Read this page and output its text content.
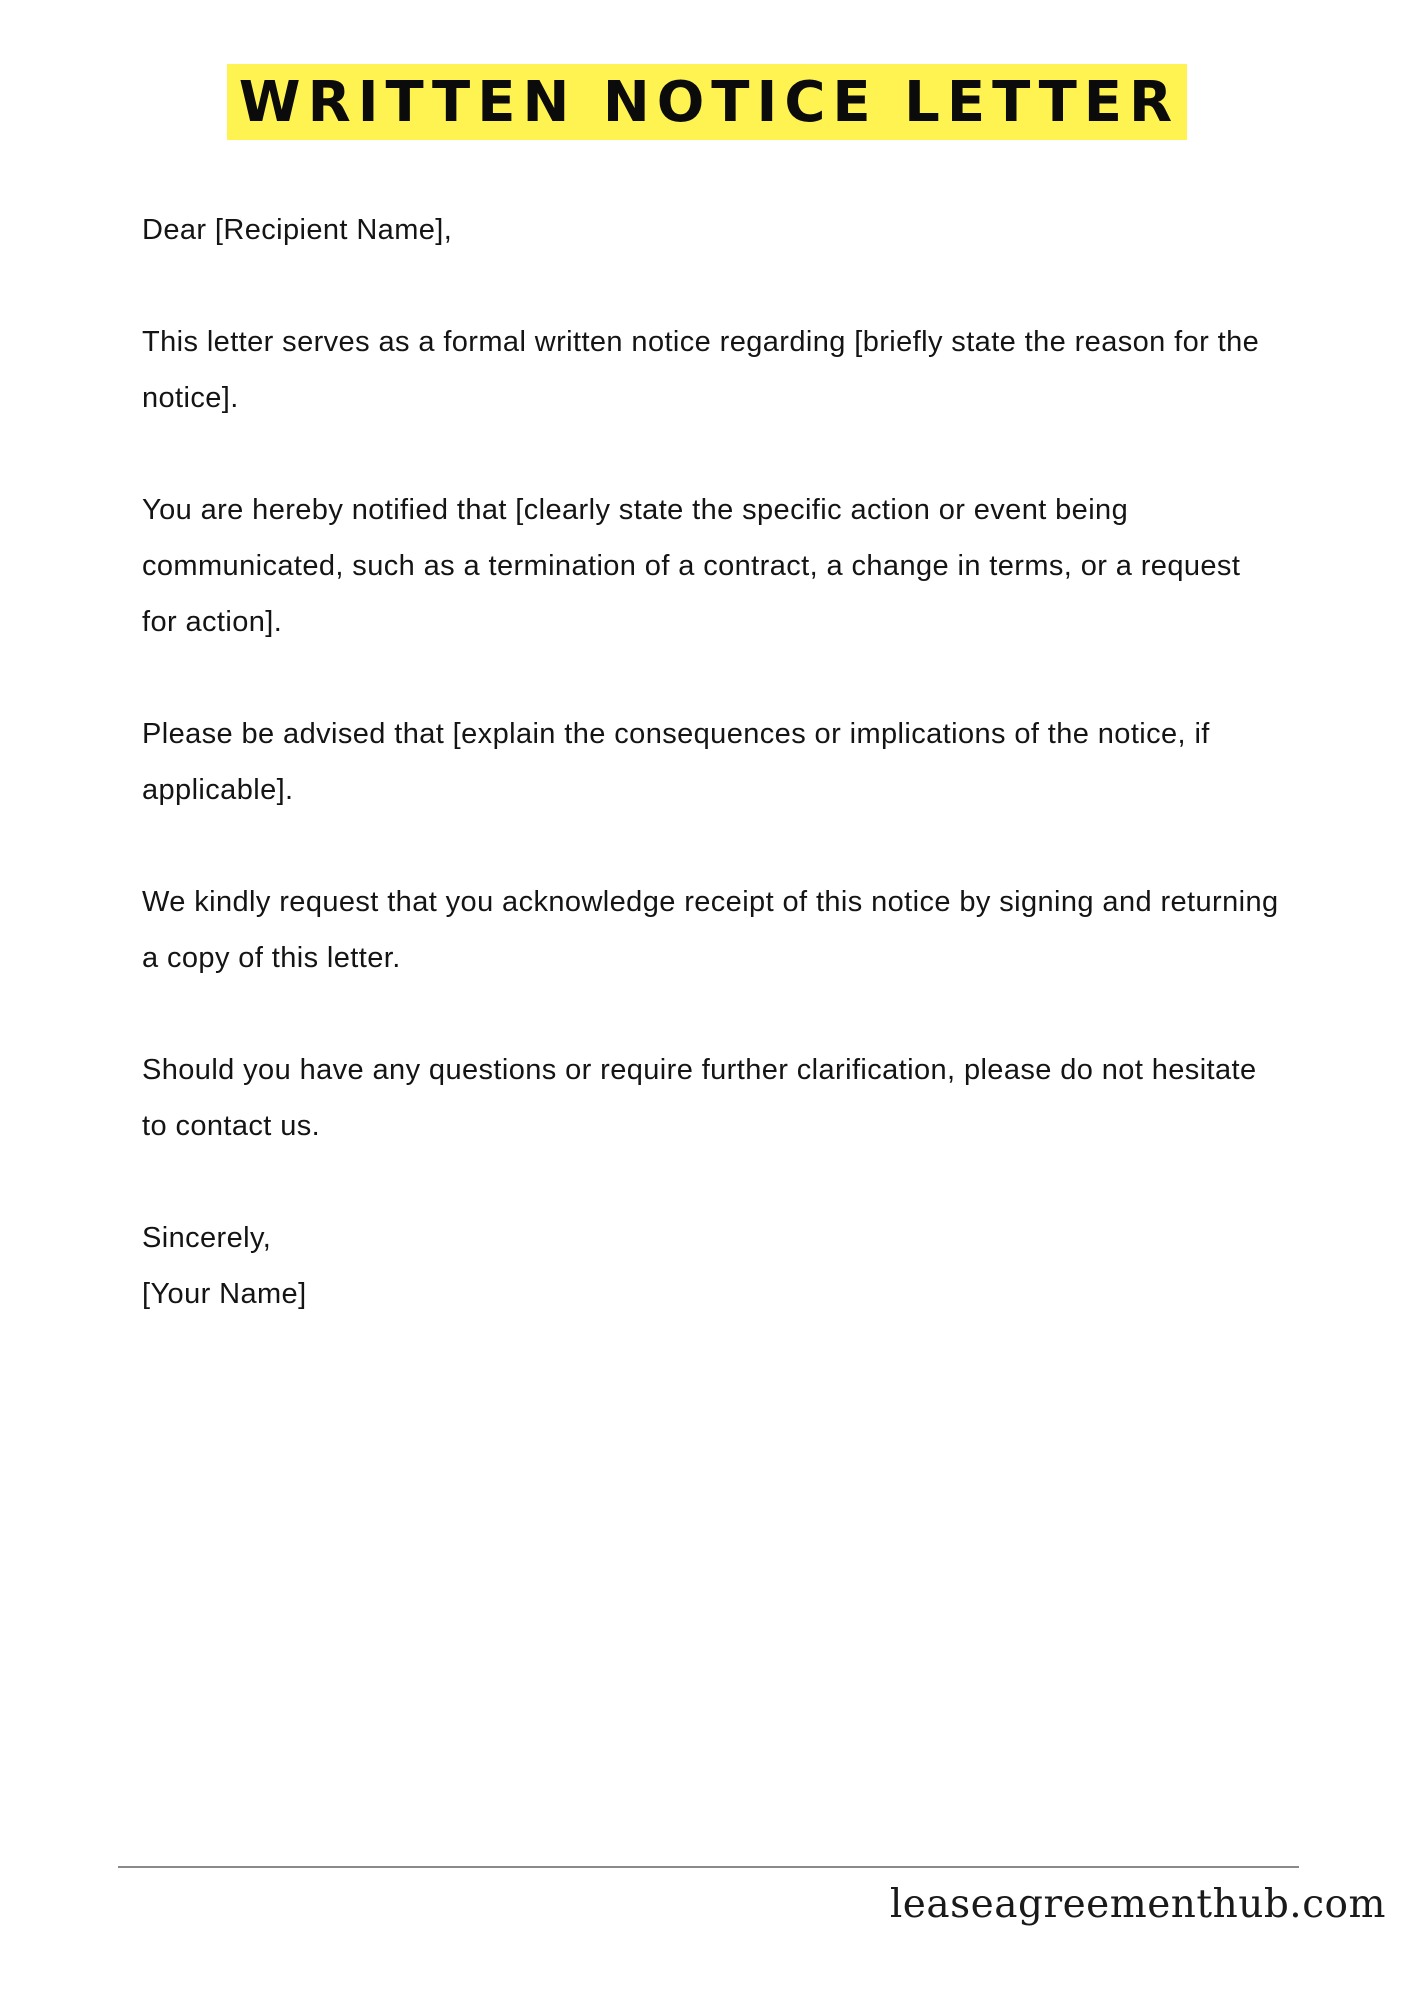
WRITTEN NOTICE LETTER

Dear [Recipient Name],

This letter serves as a formal written notice regarding [briefly state the reason for the notice].

You are hereby notified that [clearly state the specific action or event being communicated, such as a termination of a contract, a change in terms, or a request for action].

Please be advised that [explain the consequences or implications of the notice, if applicable].

We kindly request that you acknowledge receipt of this notice by signing and returning a copy of this letter.

Should you have any questions or require further clarification, please do not hesitate to contact us.

Sincerely,

[Your Name]

leaseagreementhub.com
